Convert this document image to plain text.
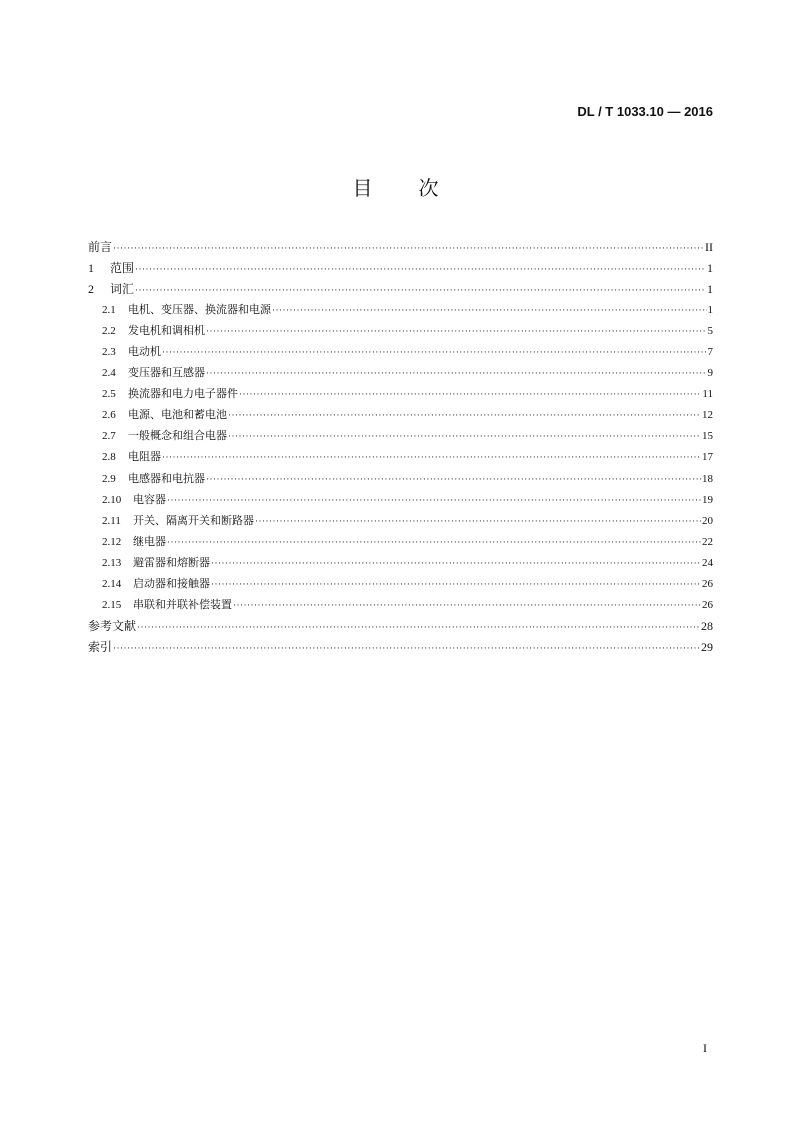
DL / T 1033.10 — 2016
目　　次
前言 ·····	II
1	范围 ·····	1
2	词汇 ·····	1
2.1	电机、变压器、换流器和电源 ·····	1
2.2	发电机和调相机 ·····	5
2.3	电动机 ·····	7
2.4	变压器和互感器 ·····	9
2.5	换流器和电力电子器件 ·····	11
2.6	电源、电池和蓄电池 ·····	12
2.7	一般概念和组合电器 ·····	15
2.8	电阻器 ·····	17
2.9	电感器和电抗器 ·····	18
2.10	电容器 ·····	19
2.11	开关、隔离开关和断路器 ·····	20
2.12	继电器 ·····	22
2.13	避雷器和熔断器 ·····	24
2.14	启动器和接触器 ·····	26
2.15	串联和并联补偿装置 ·····	26
参考文献 ·····	28
索引 ·····	29
I
